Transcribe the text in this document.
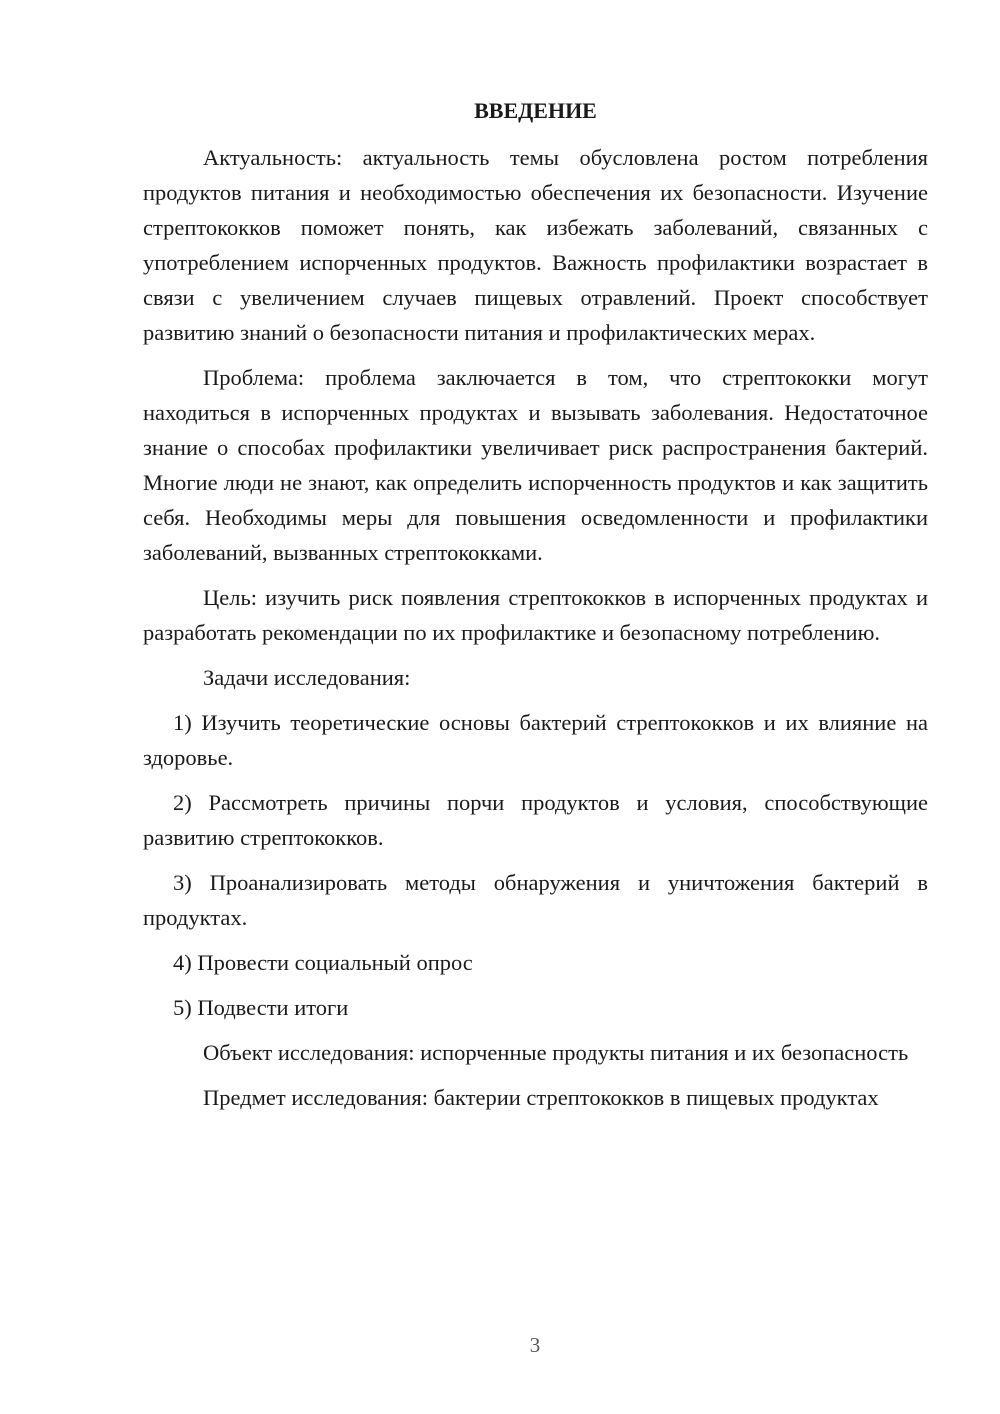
ВВЕДЕНИЕ

Актуальность: актуальность темы обусловлена ростом потребления продуктов питания и необходимостью обеспечения их безопасности. Изучение стрептококков поможет понять, как избежать заболеваний, связанных с употреблением испорченных продуктов. Важность профилактики возрастает в связи с увеличением случаев пищевых отравлений. Проект способствует развитию знаний о безопасности питания и профилактических мерах.

Проблема: проблема заключается в том, что стрептококки могут находиться в испорченных продуктах и вызывать заболевания. Недостаточное знание о способах профилактики увеличивает риск распространения бактерий. Многие люди не знают, как определить испорченность продуктов и как защитить себя. Необходимы меры для повышения осведомленности и профилактики заболеваний, вызванных стрептококками.

Цель: изучить риск появления стрептококков в испорченных продуктах и разработать рекомендации по их профилактике и безопасному потреблению.

Задачи исследования:

1) Изучить теоретические основы бактерий стрептококков и их влияние на здоровье.

2) Рассмотреть причины порчи продуктов и условия, способствующие развитию стрептококков.

3) Проанализировать методы обнаружения и уничтожения бактерий в продуктах.

4) Провести социальный опрос

5) Подвести итоги

Объект исследования: испорченные продукты питания и их безопасность

Предмет исследования: бактерии стрептококков в пищевых продуктах

3
